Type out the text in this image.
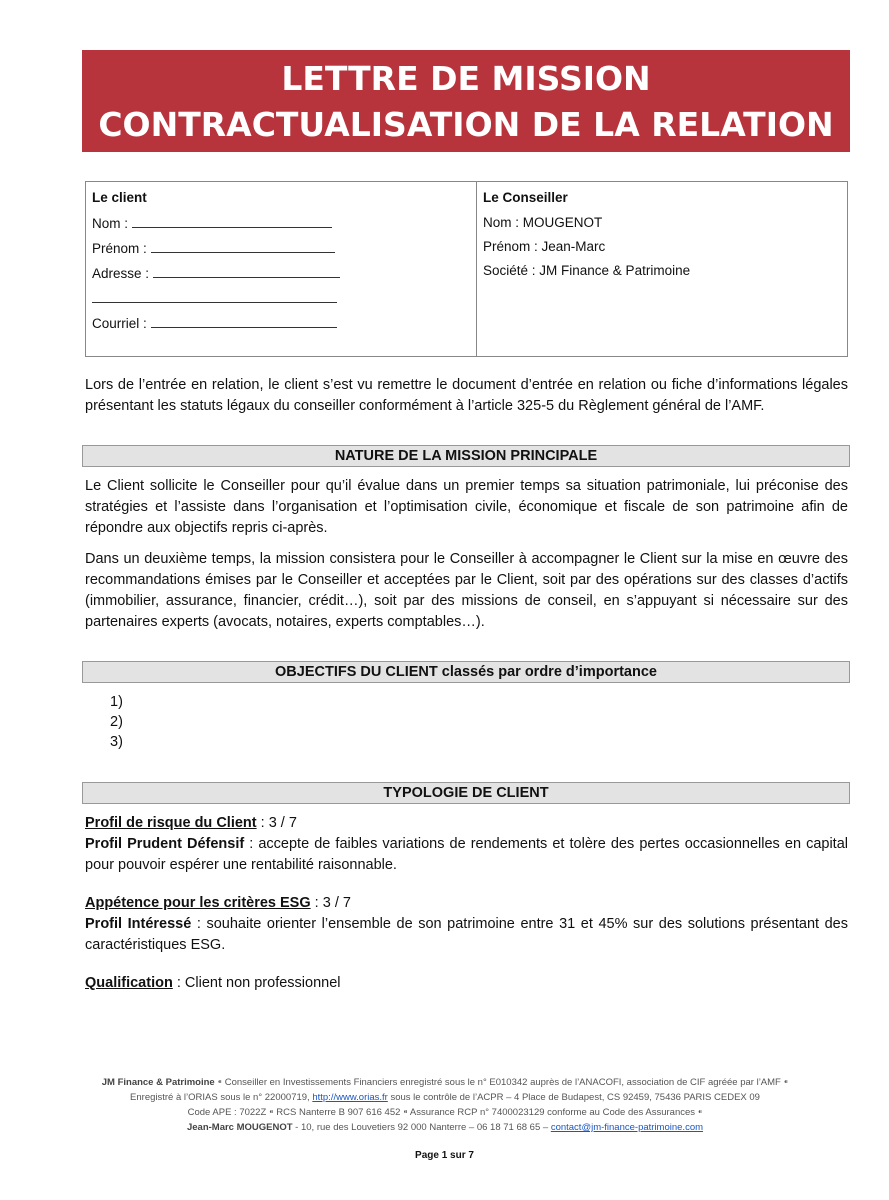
LETTRE DE MISSION
CONTRACTUALISATION DE LA RELATION
Le client
Nom :
Prénom :
Adresse :
Courriel :
Le Conseiller
Nom : MOUGENOT
Prénom : Jean-Marc
Société : JM Finance & Patrimoine

Lors de l’entrée en relation, le client s’est vu remettre le document d’entrée en relation ou fiche d’informations légales présentant les statuts légaux du conseiller conformément à l’article 325-5 du Règlement général de l’AMF.

NATURE DE LA MISSION PRINCIPALE

Le Client sollicite le Conseiller pour qu’il évalue dans un premier temps sa situation patrimoniale, lui préconise des stratégies et l’assiste dans l’organisation et l’optimisation civile, économique et fiscale de son patrimoine afin de répondre aux objectifs repris ci-après.

Dans un deuxième temps, la mission consistera pour le Conseiller à accompagner le Client sur la mise en œuvre des recommandations émises par le Conseiller et acceptées par le Client, soit par des opérations sur des classes d’actifs (immobilier, assurance, financier, crédit…), soit par des missions de conseil, en s’appuyant si nécessaire sur des partenaires experts (avocats, notaires, experts comptables…).

OBJECTIFS DU CLIENT classés par ordre d’importance
1)
2)
3)
TYPOLOGIE DE CLIENT

Profil de risque du Client : 3 / 7
Profil Prudent Défensif : accepte de faibles variations de rendements et tolère des pertes occasionnelles en capital pour pouvoir espérer une rentabilité raisonnable.

Appétence pour les critères ESG : 3 / 7
Profil Intéressé : souhaite orienter l’ensemble de son patrimoine entre 31 et 45% sur des solutions présentant des caractéristiques ESG.

Qualification : Client non professionnel

JM Finance & Patrimoine ⁌ Conseiller en Investissements Financiers enregistré sous le n° E010342 auprès de l’ANACOFI, association de CIF agréée par l’AMF ⁌
Enregistré à l’ORIAS sous le n° 22000719, http://www.orias.fr sous le contrôle de l’ACPR – 4 Place de Budapest, CS 92459, 75436 PARIS CEDEX 09
Code APE : 7022Z ⁌ RCS Nanterre B 907 616 452 ⁌ Assurance RCP n° 7400023129 conforme au Code des Assurances ⁌
Jean-Marc MOUGENOT - 10, rue des Louvetiers 92 000 Nanterre – 06 18 71 68 65 – contact@jm-finance-patrimoine.com
Page 1 sur 7
